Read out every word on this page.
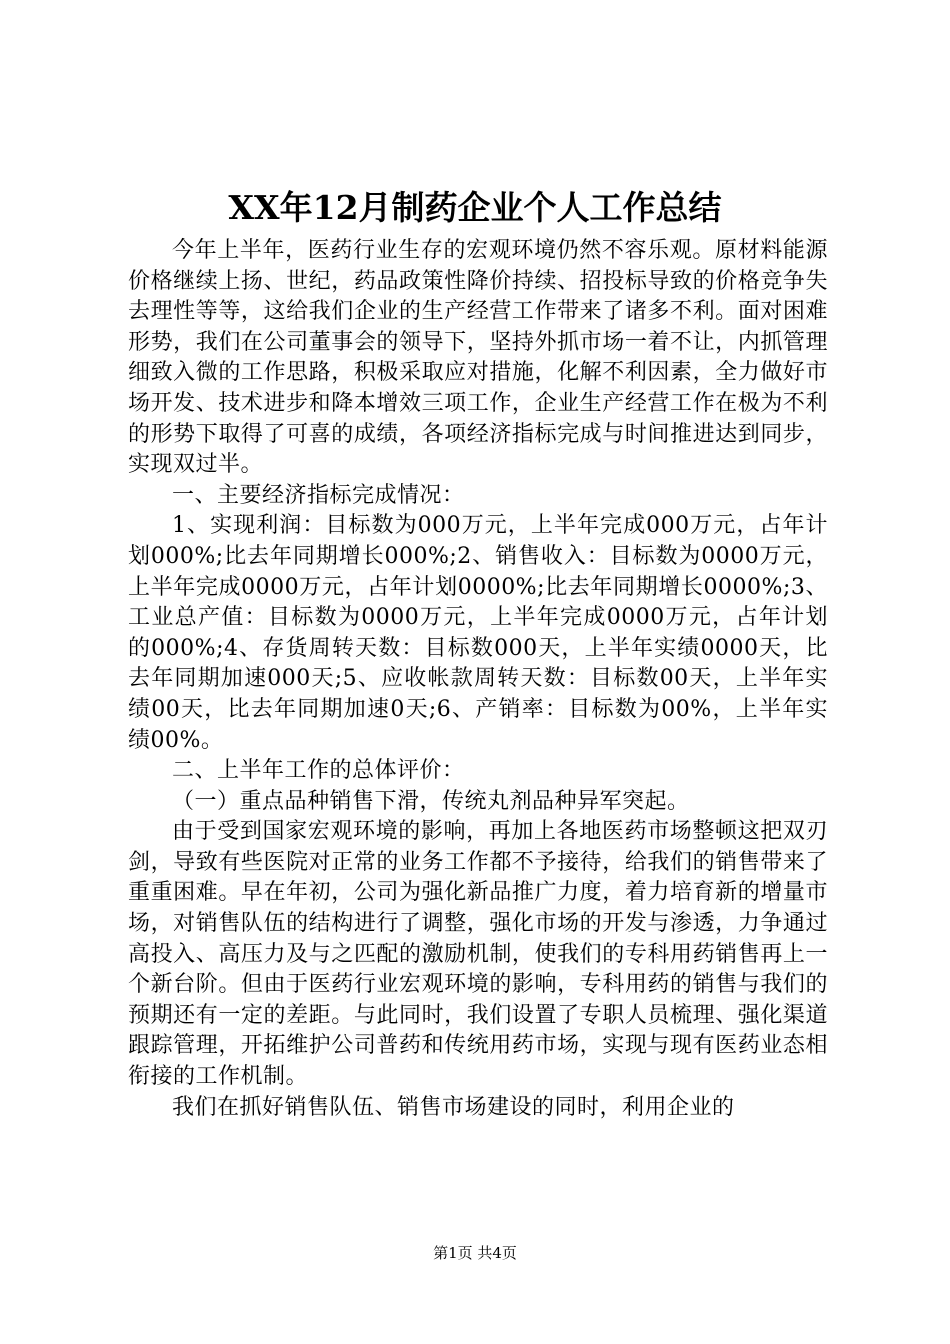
XX年12月制药企业个人工作总结

今年上半年，医药行业生存的宏观环境仍然不容乐观。原材料能源价格继续上扬、世纪，药品政策性降价持续、招投标导致的价格竞争失去理性等等，这给我们企业的生产经营工作带来了诸多不利。面对困难形势，我们在公司董事会的领导下，坚持外抓市场一着不让，内抓管理细致入微的工作思路，积极采取应对措施，化解不利因素，全力做好市场开发、技术进步和降本增效三项工作，企业生产经营工作在极为不利的形势下取得了可喜的成绩，各项经济指标完成与时间推进达到同步，实现双过半。

一、主要经济指标完成情况：

1、实现利润：目标数为000万元，上半年完成000万元，占年计划000%;比去年同期增长000%;2、销售收入：目标数为0000万元，上半年完成0000万元，占年计划0000%;比去年同期增长0000%;3、工业总产值：目标数为0000万元，上半年完成0000万元，占年计划的000%;4、存货周转天数：目标数000天，上半年实绩0000天，比去年同期加速000天;5、应收帐款周转天数：目标数00天，上半年实绩00天，比去年同期加速0天;6、产销率：目标数为00%，上半年实绩00%。

二、上半年工作的总体评价：

（一）重点品种销售下滑，传统丸剂品种异军突起。

由于受到国家宏观环境的影响，再加上各地医药市场整顿这把双刃剑，导致有些医院对正常的业务工作都不予接待，给我们的销售带来了重重困难。早在年初，公司为强化新品推广力度，着力培育新的增量市场，对销售队伍的结构进行了调整，强化市场的开发与渗透，力争通过高投入、高压力及与之匹配的激励机制，使我们的专科用药销售再上一个新台阶。但由于医药行业宏观环境的影响，专科用药的销售与我们的预期还有一定的差距。与此同时，我们设置了专职人员梳理、强化渠道跟踪管理，开拓维护公司普药和传统用药市场，实现与现有医药业态相衔接的工作机制。

我们在抓好销售队伍、销售市场建设的同时，利用企业的

第1页 共4页
